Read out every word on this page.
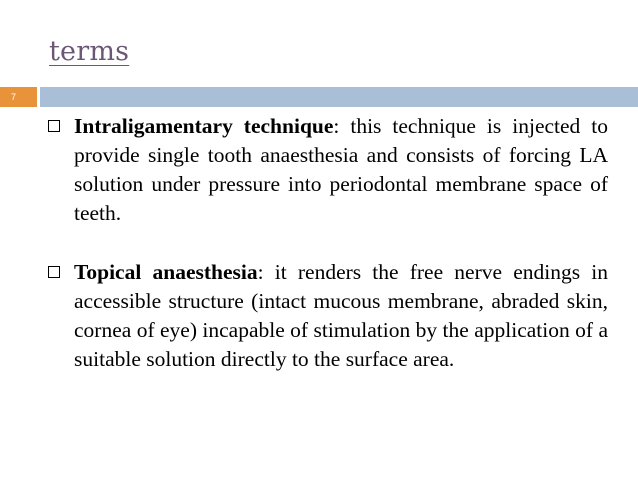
terms
7
Intraligamentary technique: this technique is injected to provide single tooth anaesthesia and consists of forcing LA solution under pressure into periodontal membrane space of teeth.
Topical anaesthesia: it renders the free nerve endings in accessible structure (intact mucous membrane, abraded skin, cornea of eye) incapable of stimulation by the application of a suitable solution directly to the surface area.
